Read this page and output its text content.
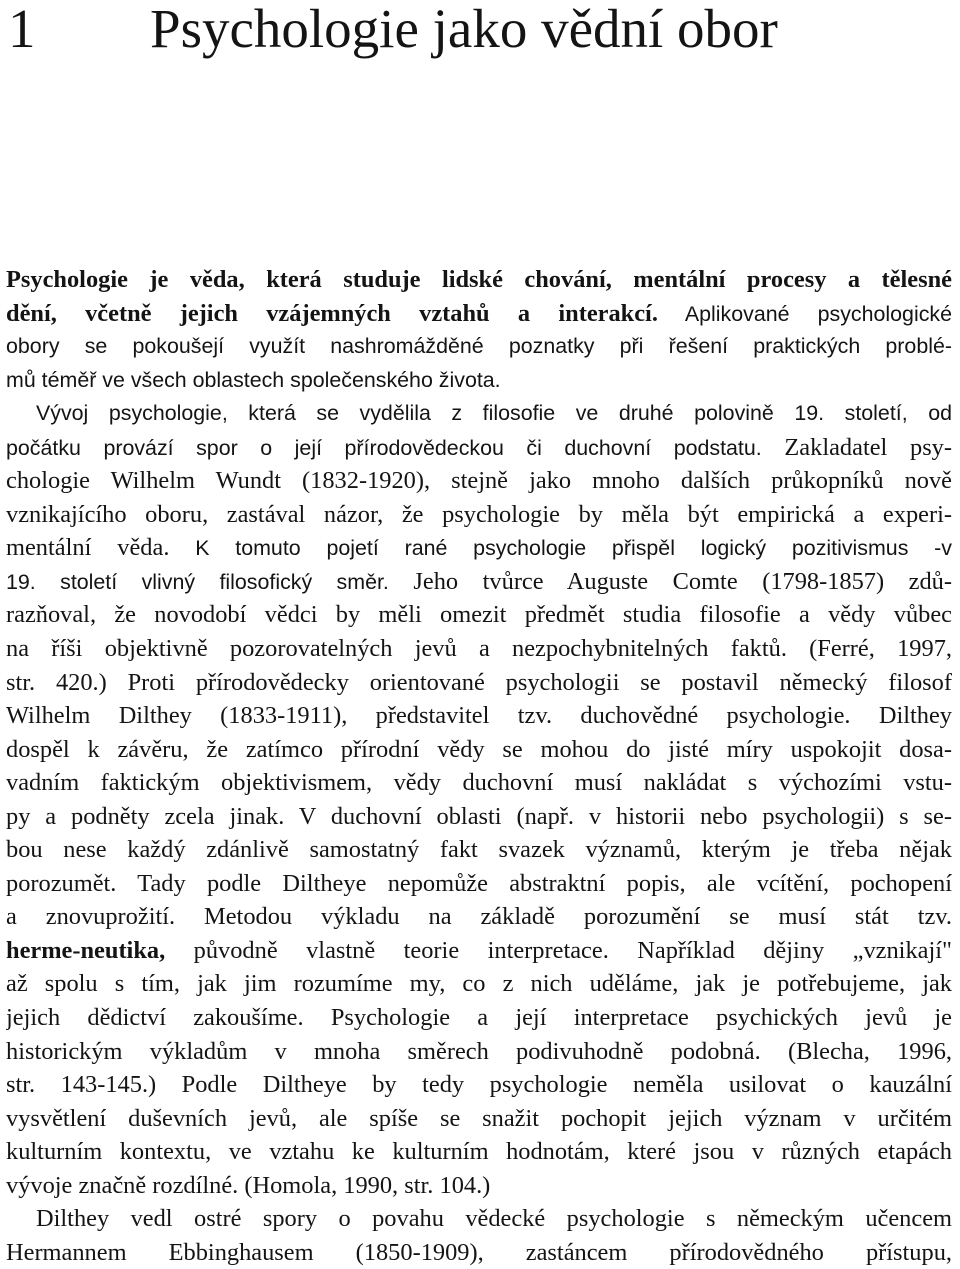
1 Psychologie jako vědní obor
Psychologie je věda, která studuje lidské chování, mentální procesy a tělesné
dění, včetně jejich vzájemných vztahů a interakcí. Aplikované psychologické
obory se pokoušejí využít nashromážděné poznatky při řešení praktických problé-
mů téměř ve všech oblastech společenského života.
Vývoj psychologie, která se vydělila z filosofie ve druhé polovině 19. století, od
počátku provází spor o její přírodovědeckou či duchovní podstatu. Zakladatel psy-
chologie Wilhelm Wundt (1832-1920), stejně jako mnoho dalších průkopníků nově
vznikajícího oboru, zastával názor, že psychologie by měla být empirická a experi-
mentální věda. K tomuto pojetí rané psychologie přispěl logický pozitivismus -v
19. století vlivný filosofický směr. Jeho tvůrce Auguste Comte (1798-1857) zdů-
razňoval, že novodobí vědci by měli omezit předmět studia filosofie a vědy vůbec
na říši objektivně pozorovatelných jevů a nezpochybnitelných faktů. (Ferré, 1997,
str. 420.) Proti přírodovědecky orientované psychologii se postavil německý filosof
Wilhelm Dilthey (1833-1911), představitel tzv. duchovědné psychologie. Dilthey
dospěl k závěru, že zatímco přírodní vědy se mohou do jisté míry uspokojit dosa-
vadním faktickým objektivismem, vědy duchovní musí nakládat s výchozími vstu-
py a podněty zcela jinak. V duchovní oblasti (např. v historii nebo psychologii) s se-
bou nese každý zdánlivě samostatný fakt svazek významů, kterým je třeba nějak
porozumět. Tady podle Diltheye nepomůže abstraktní popis, ale vcítění, pochopení
a znovuprožití. Metodou výkladu na základě porozumění se musí stát tzv.
herme-neutika, původně vlastně teorie interpretace. Například dějiny „vznikají"
až spolu s tím, jak jim rozumíme my, co z nich uděláme, jak je potřebujeme, jak
jejich dědictví zakoušíme. Psychologie a její interpretace psychických jevů je
historickým výkladům v mnoha směrech podivuhodně podobná. (Blecha, 1996,
str. 143-145.) Podle Diltheye by tedy psychologie neměla usilovat o kauzální
vysvětlení duševních jevů, ale spíše se snažit pochopit jejich význam v určitém
kulturním kontextu, ve vztahu ke kulturním hodnotám, které jsou v různých etapách
vývoje značně rozdílné. (Homola, 1990, str. 104.)
Dilthey vedl ostré spory o povahu vědecké psychologie s německým učencem
Hermannem Ebbinghausem (1850-1909), zastáncem přírodovědného přístupu,
